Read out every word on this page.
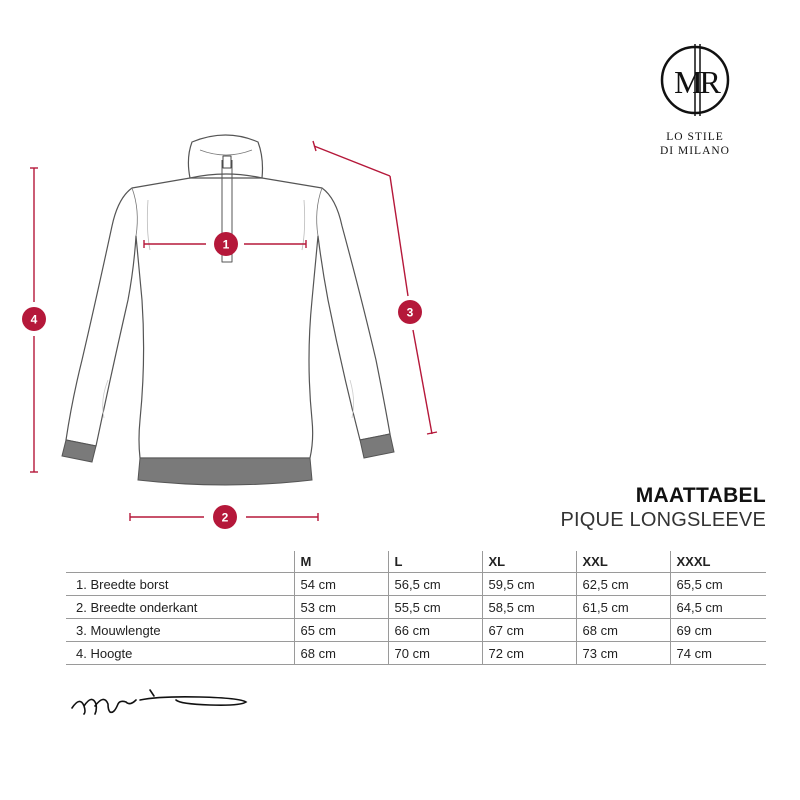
1
2
3
4
MR
LO STILE
DI MILANO
MAATTABEL
PIQUE LONGSLEEVE
	M	L	XL	XXL	XXXL
1. Breedte borst	54 cm	56,5 cm	59,5 cm	62,5 cm	65,5 cm
2. Breedte onderkant	53 cm	55,5 cm	58,5 cm	61,5 cm	64,5 cm
3. Mouwlengte	65 cm	66 cm	67 cm	68 cm	69 cm
4. Hoogte	68 cm	70 cm	72 cm	73 cm	74 cm
